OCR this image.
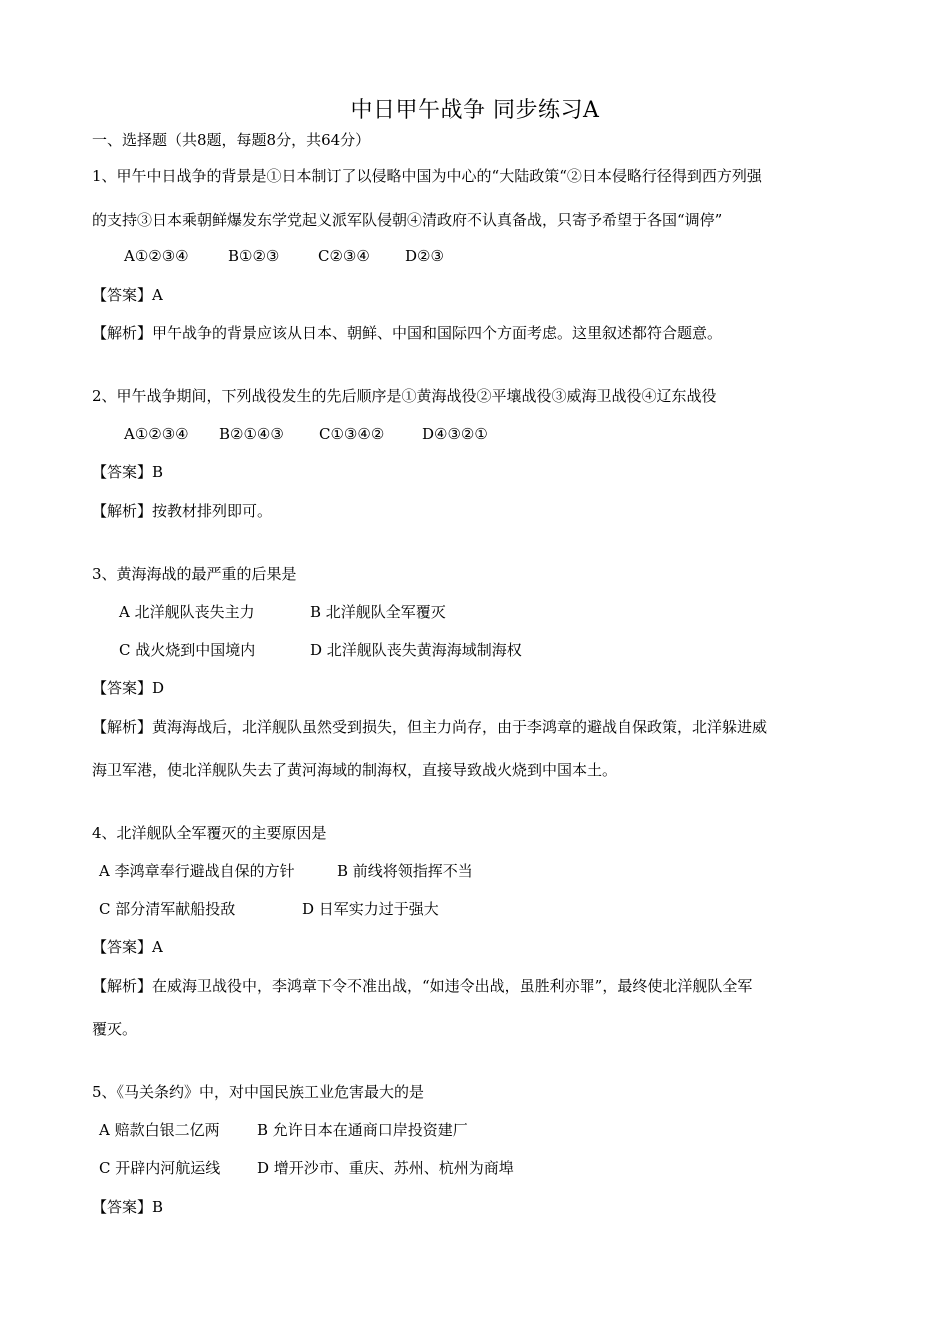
中日甲午战争 同步练习A
一、选择题（共8题，每题8分，共64分）
1、甲午中日战争的背景是①日本制订了以侵略中国为中心的“大陆政策“②日本侵略行径得到西方列强
的支持③日本乘朝鲜爆发东学党起义派军队侵朝④清政府不认真备战，只寄予希望于各国“调停”
A①②③④	B①②③	C②③④ D②③
【答案】A
【解析】甲午战争的背景应该从日本、朝鲜、中国和国际四个方面考虑。这里叙述都符合题意。
2、甲午战争期间，下列战役发生的先后顺序是①黄海战役②平壤战役③威海卫战役④辽东战役
A①②③④ B②①④③ C①③④②	D④③②①
【答案】B
【解析】按教材排列即可。
3、黄海海战的最严重的后果是
A 北洋舰队丧失主力	B 北洋舰队全军覆灭
C 战火烧到中国境内	D 北洋舰队丧失黄海海域制海权
【答案】D
【解析】黄海海战后，北洋舰队虽然受到损失，但主力尚存，由于李鸿章的避战自保政策，北洋躲进威
海卫军港，使北洋舰队失去了黄河海域的制海权，直接导致战火烧到中国本土。
4、北洋舰队全军覆灭的主要原因是
A 李鸿章奉行避战自保的方针	B 前线将领指挥不当
C 部分清军献船投敌	D 日军实力过于强大
【答案】A
【解析】在威海卫战役中，李鸿章下令不准出战，“如违令出战，虽胜利亦罪”，最终使北洋舰队全军
覆灭。
5、《马关条约》中，对中国民族工业危害最大的是
A 赔款白银二亿两 B 允许日本在通商口岸投资建厂
C 开辟内河航运线 D 增开沙市、重庆、苏州、杭州为商埠
【答案】B
